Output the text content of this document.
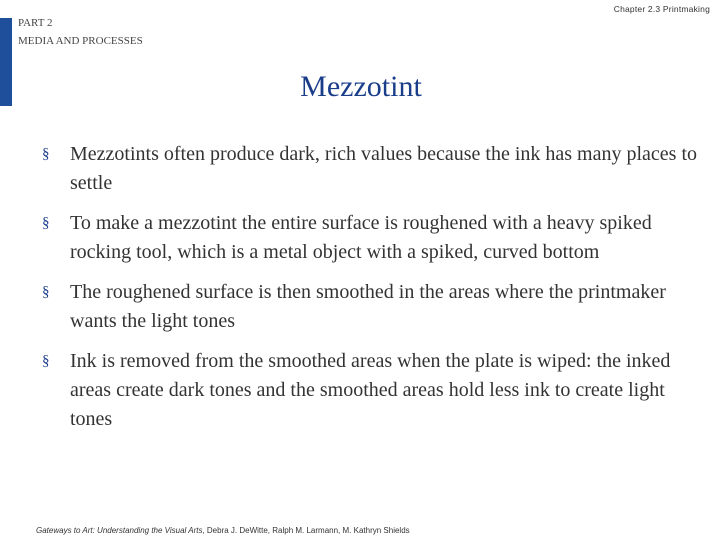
Chapter 2.3 Printmaking
PART 2
MEDIA AND PROCESSES
Mezzotint
§ Mezzotints often produce dark, rich values because the ink has many places to settle
§ To make a mezzotint the entire surface is roughened with a heavy spiked rocking tool, which is a metal object with a spiked, curved bottom
§ The roughened surface is then smoothed in the areas where the printmaker wants the light tones
§ Ink is removed from the smoothed areas when the plate is wiped: the inked areas create dark tones and the smoothed areas hold less ink to create light tones
Gateways to Art: Understanding the Visual Arts, Debra J. DeWitte, Ralph M. Larmann, M. Kathryn Shields
